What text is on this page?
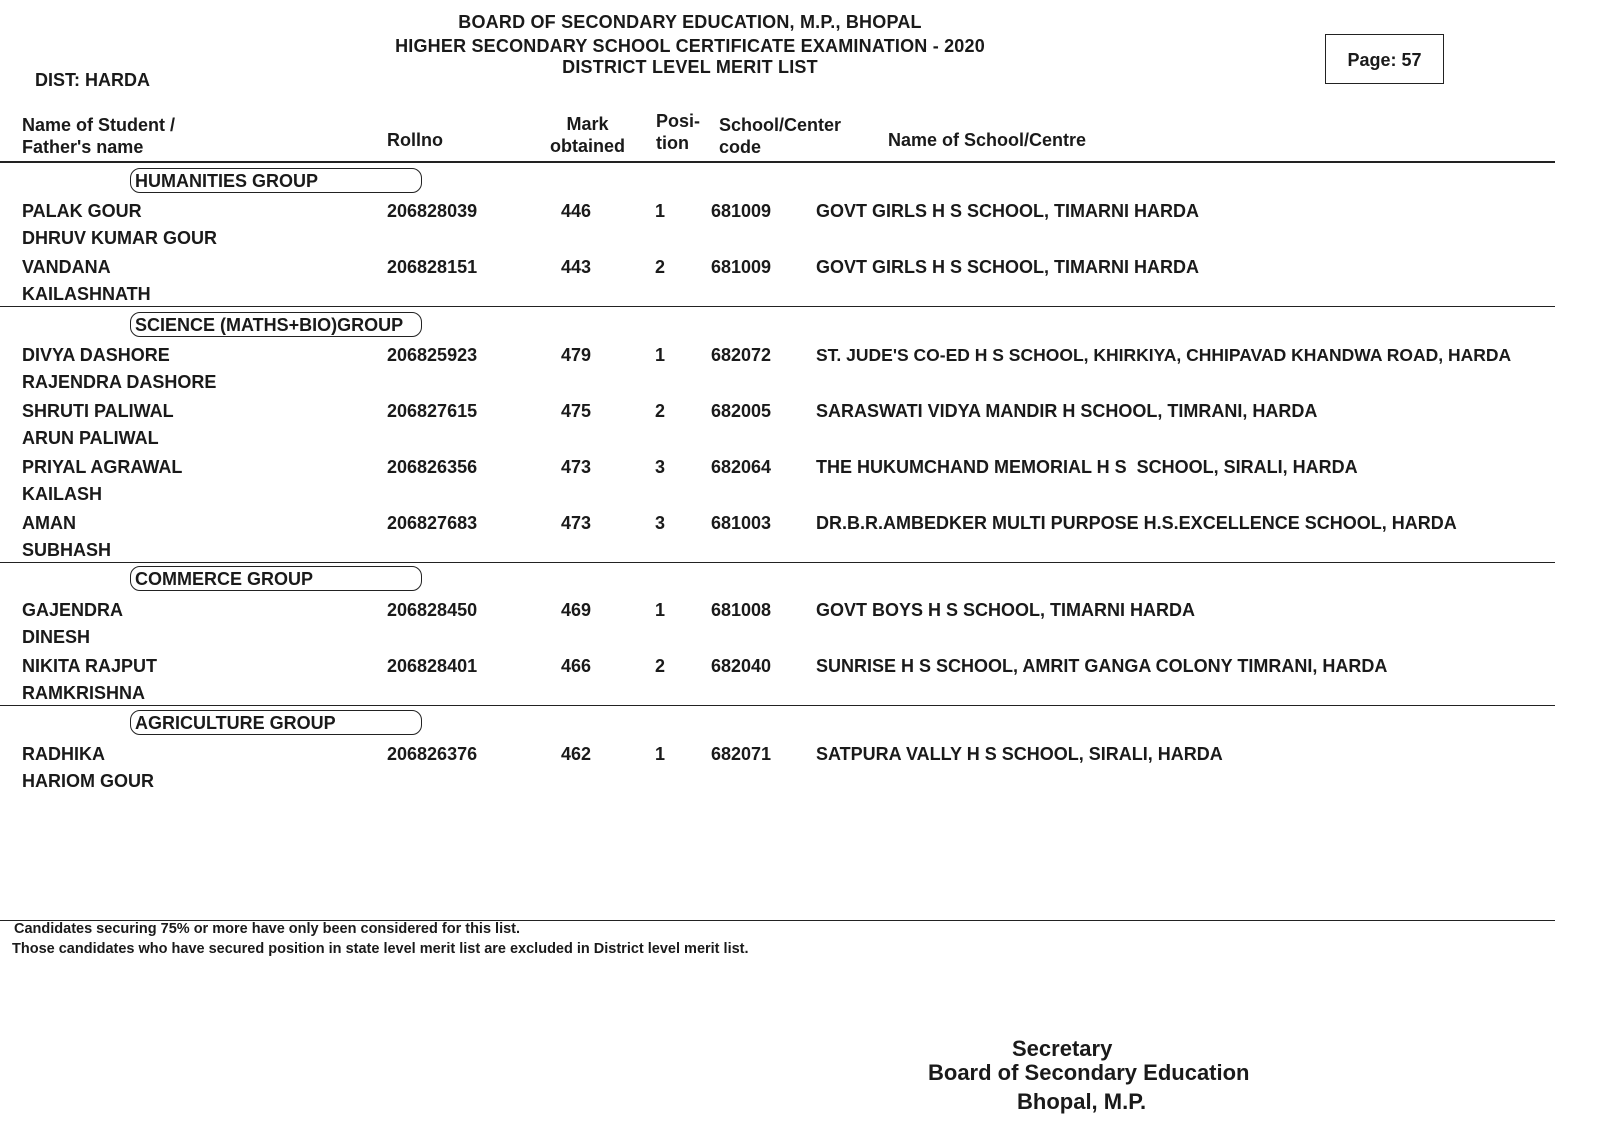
BOARD OF SECONDARY EDUCATION, M.P., BHOPAL
HIGHER SECONDARY SCHOOL CERTIFICATE EXAMINATION - 2020
DISTRICT LEVEL MERIT LIST
DIST: HARDA
Page: 57
Name of Student /
Father's name	Rollno
Mark
obtained
Posi-
tion
School/Center
code	Name of School/Centre
HUMANITIES GROUP
PALAK GOUR
DHRUV KUMAR GOUR
206828039	446	1	681009 GOVT GIRLS H S SCHOOL, TIMARNI HARDA
VANDANA
KAILASHNATH
206828151	443	2	681009 GOVT GIRLS H S SCHOOL, TIMARNI HARDA
SCIENCE (MATHS+BIO)GROUP
DIVYA DASHORE
RAJENDRA DASHORE
206825923	479	1	682072	ST. JUDE'S CO-ED H S SCHOOL, KHIRKIYA, CHHIPAVAD KHANDWA ROAD, HARDA
SHRUTI PALIWAL
ARUN PALIWAL
206827615	475	2	682005 SARASWATI VIDYA MANDIR H SCHOOL, TIMRANI, HARDA
PRIYAL AGRAWAL
KAILASH
206826356	473	3	682064 THE HUKUMCHAND MEMORIAL H S  SCHOOL, SIRALI, HARDA
AMAN
SUBHASH
206827683	473	3	681003 DR.B.R.AMBEDKER MULTI PURPOSE H.S.EXCELLENCE SCHOOL, HARDA
COMMERCE GROUP
GAJENDRA
DINESH
206828450	469	1	681008 GOVT BOYS H S SCHOOL, TIMARNI HARDA
NIKITA RAJPUT
RAMKRISHNA
206828401	466	2	682040 SUNRISE H S SCHOOL, AMRIT GANGA COLONY TIMRANI, HARDA
AGRICULTURE GROUP
RADHIKA
HARIOM GOUR
206826376	462	1	682071 SATPURA VALLY H S SCHOOL, SIRALI, HARDA
Candidates securing 75% or more have only been considered for this list.
Those candidates who have secured position in state level merit list are excluded in District level merit list.
Secretary
Board of Secondary Education
Bhopal, M.P.
